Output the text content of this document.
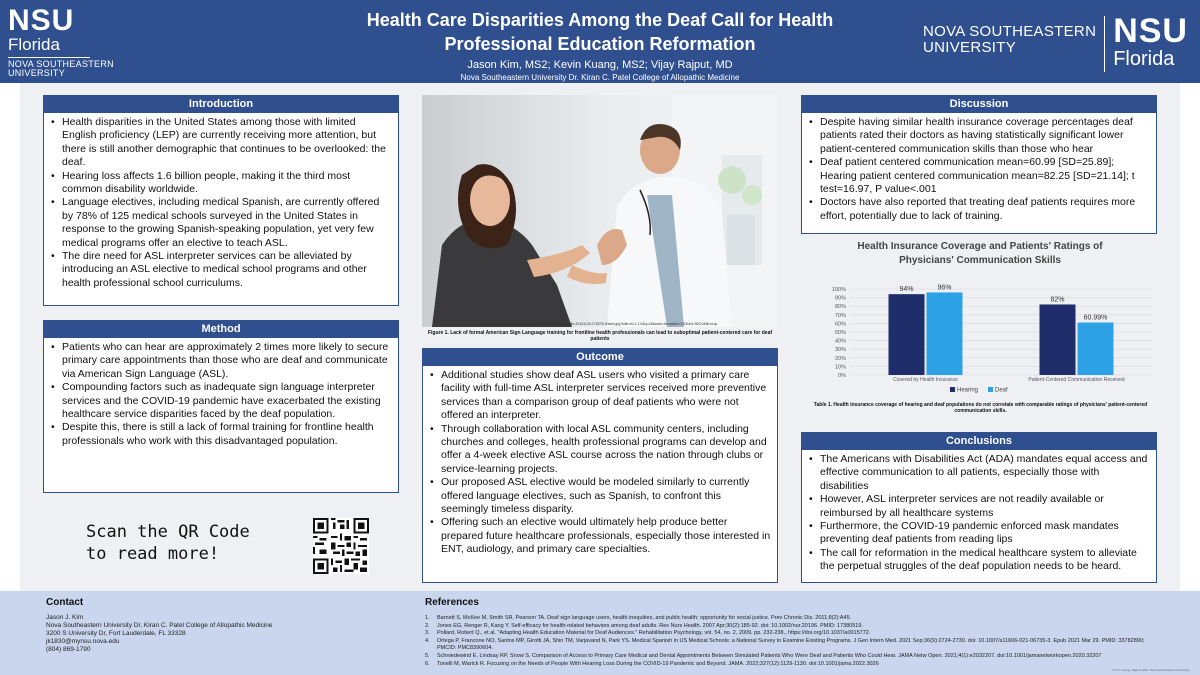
NSU
Florida
NOVA SOUTHEASTERN
UNIVERSITY
Health Care Disparities Among the Deaf Call for Health
Professional Education Reformation
Jason Kim, MS2; Kevin Kuang, MS2; Vijay Rajput, MD
Nova Southeastern University Dr. Kiran C. Patel College of Allopathic Medicine
NOVA SOUTHEASTERN
UNIVERSITY	NSU
Florida
Introduction
• Health disparities in the United States among those with limited English proficiency (LEP) are currently receiving more attention, but there is still another demographic that continues to be overlooked: the deaf.
• Hearing loss affects 1.6 billion people, making it the third most common disability worldwide.
• Language electives, including medical Spanish, are currently offered by 78% of 125 medical schools surveyed in the United States in response to the growing Spanish-speaking population, yet very few medical programs offer an elective to teach ASL.
• The dire need for ASL interpreter services can be alleviated by introducing an ASL elective to medical school programs and other health professional school curriculums.
Method
• Patients who can hear are approximately 2 times more likely to secure primary care appointments than those who are deaf and communicate via American Sign Language (ASL).
• Compounding factors such as inadequate sign language interpreter services and the COVID-19 pandemic have exacerbated the existing healthcare service disparities faced by the deaf population.
• Despite this, there is still a lack of formal training for frontline health professionals who work with this disadvantaged population.
Scan the QR Code
to read more!
https://images.theconversation.com/files/304249/original/file-20191128-178078-9nlwln.jpg?ixlib=rb-1.1.0&q=45&auto=format&w=1200&h=900.0&fit=crop
Figure 1. Lack of formal American Sign Language training for frontline health professionals can lead to suboptimal patient-centered care for deaf patients
Outcome
• Additional studies show deaf ASL users who visited a primary care facility with full-time ASL interpreter services received more preventive services than a comparison group of deaf patients who were not offered an interpreter.
• Through collaboration with local ASL community centers, including churches and colleges, health professional programs can develop and offer a 4-week elective ASL course across the nation through clubs or service-learning projects.
• Our proposed ASL elective would be modeled similarly to currently offered language electives, such as Spanish, to confront this seemingly timeless disparity.
• Offering such an elective would ultimately help produce better prepared future healthcare professionals, especially those interested in ENT, audiology, and primary care specialties.
Discussion
• Despite having similar health insurance coverage percentages deaf patients rated their doctors as having statistically significant lower patient-centered communication skills than those who hear
• Deaf patient centered communication mean=60.99 [SD=25.89]; Hearing patient centered communication mean=82.25 [SD=21.14]; t test=16.97, P value<.001
• Doctors have also reported that treating deaf patients requires more effort, potentially due to lack of training.
Health Insurance Coverage and Patients' Ratings of
Physicians' Communication Skills
0%
10%
20%
30%
40%
50%
60%
70%
80%
90%
100%	94%	96%
Covered by Health Insurance
82%
60.99%
Patient-Centered Communication Received
Hearing	Deaf
Table 1. Health insurance coverage of hearing and deaf populations do not correlate with comparable ratings of physicians' patient-centered communication skills.
Conclusions
• The Americans with Disabilities Act (ADA) mandates equal access and effective communication to all patients, especially those with disabilities
• However, ASL interpreter services are not readily available or reimbursed by all healthcare systems
• Furthermore, the COVID-19 pandemic enforced mask mandates preventing deaf patients from reading lips
• The call for reformation in the medical healthcare system to alleviate the perpetual struggles of the deaf population needs to be heard.
Contact
Jason J. Kim
Nova Southeastern University Dr. Kiran C. Patel College of Allopathic Medicine
3200 S University Dr, Fort Lauderdale, FL 33328
jk1830@mynsu.nova.edu
(804) 869-1790
References
1. Barnett S, McKee M, Smith SR, Pearson TA. Deaf sign language users, health inequities, and public health: opportunity for social justice. Prev Chronic Dis. 2011;8(2):A45.
2. Jones EG, Renger R, Kang Y. Self-efficacy for health-related behaviors among deaf adults. Res Nurs Health. 2007 Apr;30(2):185-92. doi: 10.1002/nur.20196. PMID: 17380519.
3. Pollard, Robert Q., et al. "Adapting Health Education Material for Deaf Audiences." Rehabilitation Psychology, vol. 54, no. 2, 2009, pp. 232-238., https://doi.org/10.1037/a0015772.
4. Ortega P, Francone NO, Santos MP, Girotti JA, Shin TM, Varjavand N, Park YS. Medical Spanish in US Medical Schools: a National Survey to Examine Existing Programs. J Gen Intern Med. 2021 Sep;36(9):2724-2730. doi: 10.1007/s11606-021-06735-3. Epub 2021 Mar 29. PMID: 33782890; PMCID: PMC8390604.
5. Schniedewind E, Lindsay RP, Snow S. Comparison of Access to Primary Care Medical and Dental Appointments Between Simulated Patients Who Were Deaf and Patients Who Could Hear. JAMA Netw Open. 2021;4(1):e2032207. doi:10.1001/jamanetworkopen.2020.32207
6. Tonelli M, Warick R. Focusing on the Needs of People With Hearing Loss During the COVID-19 Pandemic and Beyond. JAMA. 2022;327(12):1129-1130. doi:10.1001/jama.2022.3026
© Kim, Kuang, Rajput 2022. Nova Southeastern University.
